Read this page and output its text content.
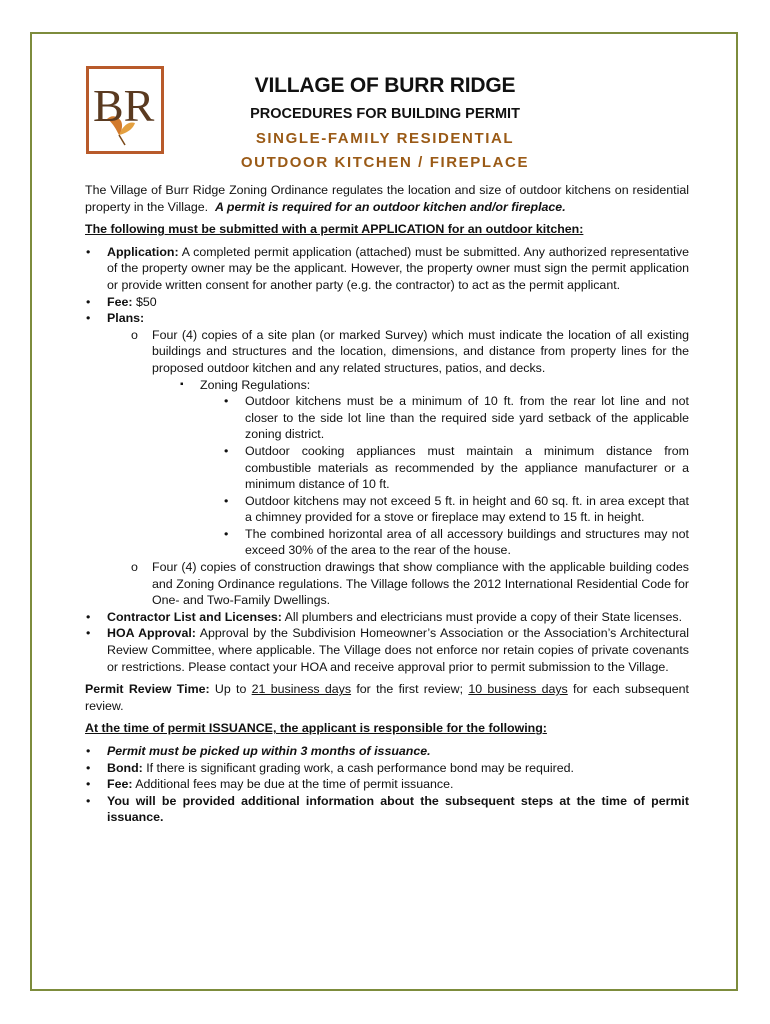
BR	VILLAGE OF BURR RIDGE
PROCEDURES FOR BUILDING PERMIT
SINGLE-FAMILY RESIDENTIAL
OUTDOOR KITCHEN / FIREPLACE

The Village of Burr Ridge Zoning Ordinance regulates the location and size of outdoor kitchens on residential property in the Village. A permit is required for an outdoor kitchen and/or fireplace.

The following must be submitted with a permit APPLICATION for an outdoor kitchen:

• Application: A completed permit application (attached) must be submitted. Any authorized representative of the property owner may be the applicant. However, the property owner must sign the permit application or provide written consent for another party (e.g. the contractor) to act as the permit applicant.
• Fee: $50
• Plans:
o Four (4) copies of a site plan (or marked Survey) which must indicate the location of all existing buildings and structures and the location, dimensions, and distance from property lines for the proposed outdoor kitchen and any related structures, patios, and decks.
▪ Zoning Regulations:
• Outdoor kitchens must be a minimum of 10 ft. from the rear lot line and not closer to the side lot line than the required side yard setback of the applicable zoning district.
• Outdoor cooking appliances must maintain a minimum distance from combustible materials as recommended by the appliance manufacturer or a minimum distance of 10 ft.
• Outdoor kitchens may not exceed 5 ft. in height and 60 sq. ft. in area except that a chimney provided for a stove or fireplace may extend to 15 ft. in height.
• The combined horizontal area of all accessory buildings and structures may not exceed 30% of the area to the rear of the house.
o Four (4) copies of construction drawings that show compliance with the applicable building codes and Zoning Ordinance regulations. The Village follows the 2012 International Residential Code for One- and Two-Family Dwellings.
• Contractor List and Licenses: All plumbers and electricians must provide a copy of their State licenses.
• HOA Approval: Approval by the Subdivision Homeowner’s Association or the Association’s Architectural Review Committee, where applicable. The Village does not enforce nor retain copies of private covenants or restrictions. Please contact your HOA and receive approval prior to permit submission to the Village.

Permit Review Time: Up to 21 business days for the first review; 10 business days for each subsequent review.

At the time of permit ISSUANCE, the applicant is responsible for the following:

• Permit must be picked up within 3 months of issuance.
• Bond: If there is significant grading work, a cash performance bond may be required.
• Fee: Additional fees may be due at the time of permit issuance.
• You will be provided additional information about the subsequent steps at the time of permit issuance.
